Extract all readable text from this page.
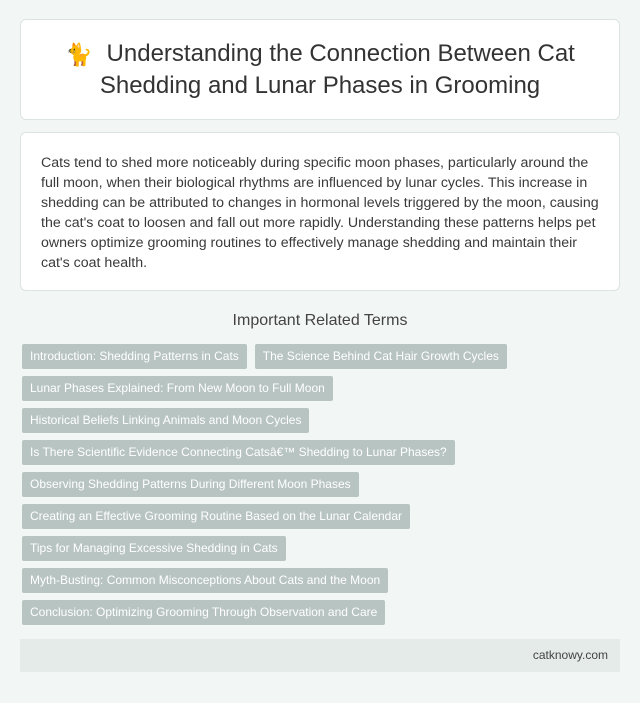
🐈 Understanding the Connection Between Cat Shedding and Lunar Phases in Grooming

Cats tend to shed more noticeably during specific moon phases, particularly around the full moon, when their biological rhythms are influenced by lunar cycles. This increase in shedding can be attributed to changes in hormonal levels triggered by the moon, causing the cat's coat to loosen and fall out more rapidly. Understanding these patterns helps pet owners optimize grooming routines to effectively manage shedding and maintain their cat's coat health.

Important Related Terms
Introduction: Shedding Patterns in Cats	The Science Behind Cat Hair Growth Cycles
Lunar Phases Explained: From New Moon to Full Moon
Historical Beliefs Linking Animals and Moon Cycles
Is There Scientific Evidence Connecting Catsâ€™ Shedding to Lunar Phases?
Observing Shedding Patterns During Different Moon Phases
Creating an Effective Grooming Routine Based on the Lunar Calendar
Tips for Managing Excessive Shedding in Cats
Myth-Busting: Common Misconceptions About Cats and the Moon
Conclusion: Optimizing Grooming Through Observation and Care
catknowy.com
